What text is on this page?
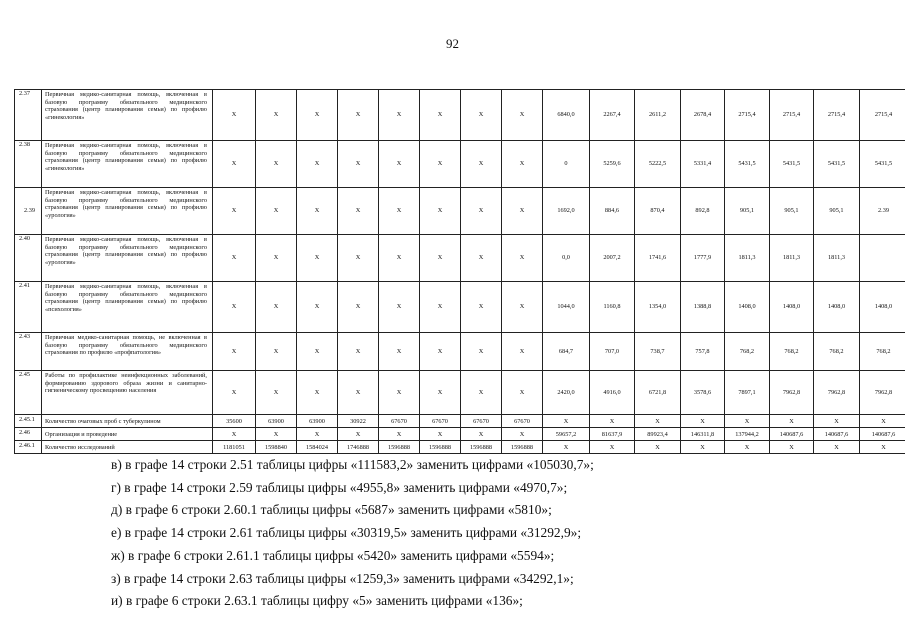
92
2.37	Первичная медико-санитарная помощь, включенная в базовую программу обязательного медицинского страхования (центр планирования семьи) по профилю «гинекология»	X	X	X	X	X	X	X	X	6840,0	2267,4	2611,2	2678,4	2715,4	2715,4	2715,4	2715,4
2.38	Первичная медико-санитарная помощь, включенная в базовую программу обязательного медицинского страхования (центр планирования семьи) по профилю «гинекология»	X	X	X	X	X	X	X	X	0	5259,6	5222,5	5331,4	5431,5	5431,5	5431,5	5431,5
2.39	Первичная медико-санитарная помощь, включенная в базовую программу обязательного медицинского страхования (центр планирования семьи) по профилю «урология»	X	X	X	X	X	X	X	X	1692,0	884,6	870,4	892,8	905,1	905,1	905,1	2.39
2.40	Первичная медико-санитарная помощь, включенная в базовую программу обязательного медицинского страхования (центр планирования семьи) по профилю «урология»	X	X	X	X	X	X	X	X	0,0	2007,2	1741,6	1777,9	1811,3	1811,3	1811,3	
2.41	Первичная медико-санитарная помощь, включенная в базовую программу обязательного медицинского страхования (центр планирования семьи) по профилю «психология»	X	X	X	X	X	X	X	X	1044,0	1160,8	1354,0	1388,8	1408,0	1408,0	1408,0	1408,0
2.43	Первичная медико-санитарная помощь, не включенная в базовую программу обязательного медицинского страхования по профилю «профпатология»	X	X	X	X	X	X	X	X	684,7	707,0	738,7	757,8	768,2	768,2	768,2	768,2
2.45	Работы по профилактике неинфекционных заболеваний, формированию здорового образа жизни и санитарно-гигиеническому просвещению населения	X	X	X	X	X	X	X	X	2420,0	4916,0	6721,8	3578,6	7897,1	7962,8	7962,8	7962,8
2.45.1	Количество очаговых проб с туберкулином	35600	63900	63900	30922	67670	67670	67670	67670	X	X	X	X	X	X	X	X
2.46	Организация и проведение	X	X	X	X	X	X	X	X	59657,2	81637,9	89923,4	146311,8	137944,2	140687,6	140687,6	140687,6
2.46.1	Количество исследований	1181051	1598840	1584024	1746888	1596888	1596888	1596888	1596888	X	X	X	X	X	X	X	X
в) в графе 14 строки 2.51 таблицы цифры «111583,2» заменить цифрами «105030,7»;
г) в графе 14 строки 2.59 таблицы цифры «4955,8» заменить цифрами «4970,7»;
д) в графе 6 строки 2.60.1 таблицы цифры «5687» заменить цифрами «5810»;
е) в графе 14 строки 2.61 таблицы цифры «30319,5» заменить цифрами «31292,9»;
ж) в графе 6 строки 2.61.1 таблицы цифры «5420» заменить цифрами «5594»;
з) в графе 14 строки 2.63 таблицы цифры «1259,3» заменить цифрами «34292,1»;
и) в графе 6 строки 2.63.1 таблицы цифру «5» заменить цифрами «136»;
